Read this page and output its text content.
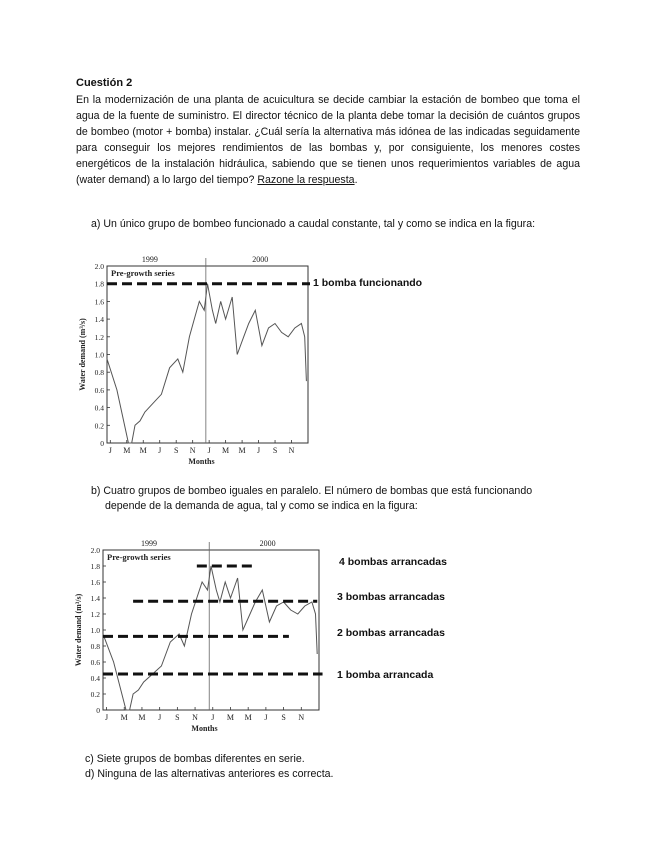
Cuestión 2
En la modernización de una planta de acuicultura se decide cambiar la estación de bombeo que toma el agua de la fuente de suministro. El director técnico de la planta debe tomar la decisión de cuántos grupos de bombeo (motor + bomba) instalar. ¿Cuál sería la alternativa más idónea de las indicadas seguidamente para conseguir los mejores rendimientos de las bombas y, por consiguiente, los menores costes energéticos de la instalación hidráulica, sabiendo que se tienen unos requerimientos variables de agua (water demand) a lo largo del tiempo? Razone la respuesta.
a) Un único grupo de bombeo funcionado a caudal constante, tal y como se indica en la figura:
1999	2000
Pre-growth series
0
0.2
0.4
0.6
0.8
1.0
1.2
1.4
1.6
1.8
2.0
J M M J S N J M M J S N
Months
Water demand (m³/s)
1 bomba funcionando
b) Cuatro grupos de bombeo iguales en paralelo. El número de bombas que está funcionando
depende de la demanda de agua, tal y como se indica en la figura:
1999	2000
Pre-growth series
0
0.2
0.4
0.6
0.8
1.0
1.2
1.4
1.6
1.8
2.0
J M M J S N J M M J S N
Months
Water demand (m³/s)
4 bombas arrancadas
3 bombas arrancadas
2 bombas arrancadas
1 bomba arrancada
c) Siete grupos de bombas diferentes en serie.
d) Ninguna de las alternativas anteriores es correcta.
